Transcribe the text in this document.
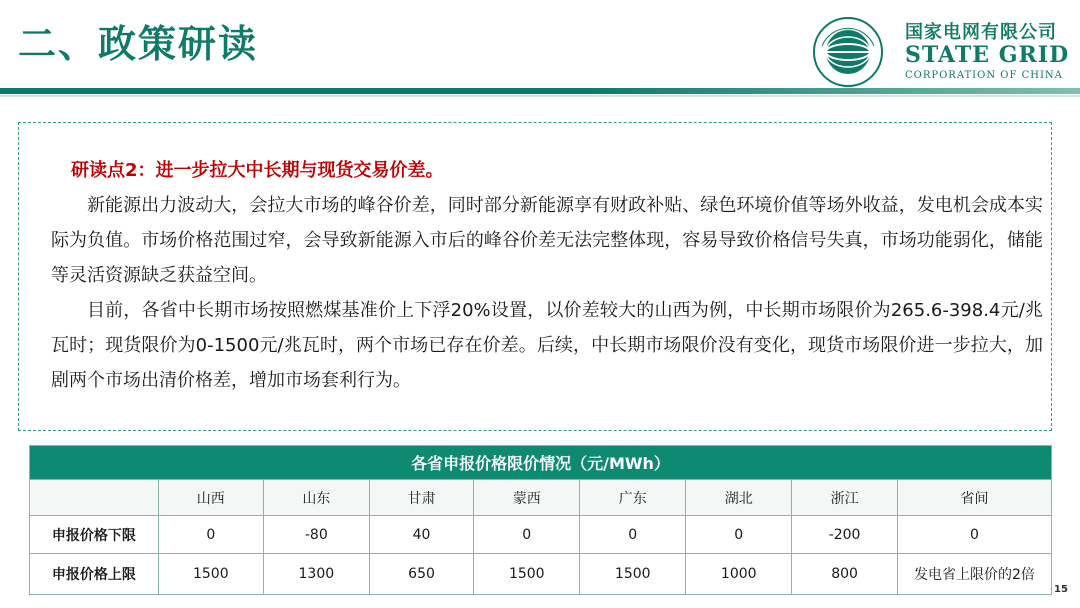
二、政策研读	国家电网有限公司
STATE GRID
CORPORATION OF CHINA
研读点2：进一步拉大中长期与现货交易价差。
新能源出力波动大，会拉大市场的峰谷价差，同时部分新能源享有财政补贴、绿色环境价值等场外收益，发电机会成本实际为负值。市场价格范围过窄，会导致新能源入市后的峰谷价差无法完整体现，容易导致价格信号失真，市场功能弱化，储能等灵活资源缺乏获益空间。
目前，各省中长期市场按照燃煤基准价上下浮20%设置，以价差较大的山西为例，中长期市场限价为265.6-398.4元/兆瓦时；现货限价为0-1500元/兆瓦时，两个市场已存在价差。后续，中长期市场限价没有变化，现货市场限价进一步拉大，加剧两个市场出清价格差，增加市场套利行为。
各省申报价格限价情况（元/MWh）								
	山西	山东	甘肃	蒙西	广东	湖北	浙江	省间
申报价格下限	0	-80	40	0	0	0	-200	0
申报价格上限	1500	1300	650	1500	1500	1000	800	发电省上限价的2倍
15
